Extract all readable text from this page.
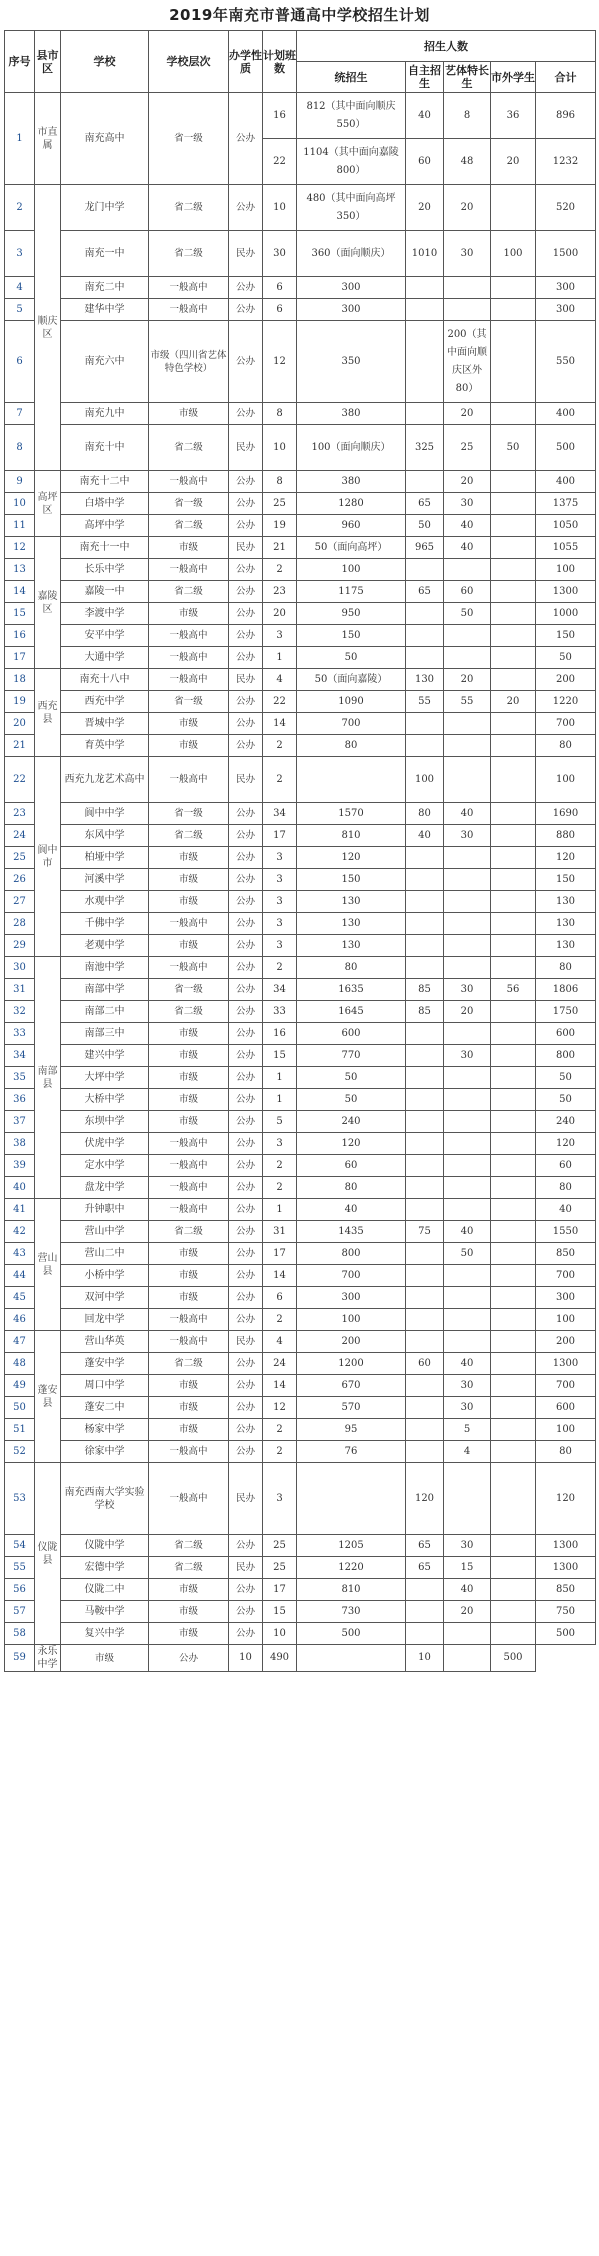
2019年南充市普通高中学校招生计划
序号	县市区	学校	学校层次	办学性质	计划班数	招生人数				
						统招生	自主招生	艺体特长生	市外学生	合计
1	市直属	南充高中	省一级	公办	16	812（其中面向顺庆550）	40	8	36	896
					22	1104（其中面向嘉陵800）	60	48	20	1232
2	顺庆区	龙门中学	省二级	公办	10	480（其中面向高坪350）	20	20		520
3		南充一中	省二级	民办	30	360（面向顺庆）	1010	30	100	1500
4		南充二中	一般高中	公办	6	300				300
5		建华中学	一般高中	公办	6	300				300
6		南充六中	市级（四川省艺体特色学校）	公办	12	350		200（其中面向顺庆区外80）		550
7		南充九中	市级	公办	8	380		20		400
8		南充十中	省二级	民办	10	100（面向顺庆）	325	25	50	500
9	高坪区	南充十二中	一般高中	公办	8	380		20		400
10		白塔中学	省一级	公办	25	1280	65	30		1375
11		高坪中学	省二级	公办	19	960	50	40		1050
12	嘉陵区	南充十一中	市级	民办	21	50（面向高坪）	965	40		1055
13		长乐中学	一般高中	公办	2	100				100
14		嘉陵一中	省二级	公办	23	1175	65	60		1300
15		李渡中学	市级	公办	20	950		50		1000
16		安平中学	一般高中	公办	3	150				150
17		大通中学	一般高中	公办	1	50				50
18	西充县	南充十八中	一般高中	民办	4	50（面向嘉陵）	130	20		200
19		西充中学	省一级	公办	22	1090	55	55	20	1220
20		晋城中学	市级	公办	14	700				700
21		育英中学	市级	公办	2	80				80
22	阆中市	西充九龙艺术高中	一般高中	民办	2		100			100
23		阆中中学	省一级	公办	34	1570	80	40		1690
24		东风中学	省二级	公办	17	810	40	30		880
25		柏垭中学	市级	公办	3	120				120
26		河溪中学	市级	公办	3	150				150
27		水观中学	市级	公办	3	130				130
28		千佛中学	一般高中	公办	3	130				130
29		老观中学	市级	公办	3	130				130
30	南部县	南池中学	一般高中	公办	2	80				80
31		南部中学	省一级	公办	34	1635	85	30	56	1806
32		南部二中	省二级	公办	33	1645	85	20		1750
33		南部三中	市级	公办	16	600				600
34		建兴中学	市级	公办	15	770		30		800
35		大坪中学	市级	公办	1	50				50
36		大桥中学	市级	公办	1	50				50
37		东坝中学	市级	公办	5	240				240
38		伏虎中学	一般高中	公办	3	120				120
39		定水中学	一般高中	公办	2	60				60
40		盘龙中学	一般高中	公办	2	80				80
41	营山县	升钟职中	一般高中	公办	1	40				40
42		营山中学	省二级	公办	31	1435	75	40		1550
43		营山二中	市级	公办	17	800		50		850
44		小桥中学	市级	公办	14	700				700
45		双河中学	市级	公办	6	300				300
46		回龙中学	一般高中	公办	2	100				100
47	蓬安县	营山华英	一般高中	民办	4	200				200
48		蓬安中学	省二级	公办	24	1200	60	40		1300
49		周口中学	市级	公办	14	670		30		700
50		蓬安二中	市级	公办	12	570		30		600
51		杨家中学	市级	公办	2	95		5		100
52		徐家中学	一般高中	公办	2	76		4		80
53	仪陇县	南充西南大学实验学校	一般高中	民办	3		120			120
54		仪陇中学	省二级	公办	25	1205	65	30		1300
55		宏德中学	省二级	民办	25	1220	65	15		1300
56		仪陇二中	市级	公办	17	810		40		850
57		马鞍中学	市级	公办	15	730		20		750
58		复兴中学	市级	公办	10	500				500
59	永乐中学	市级	公办	10	490		10		500	
